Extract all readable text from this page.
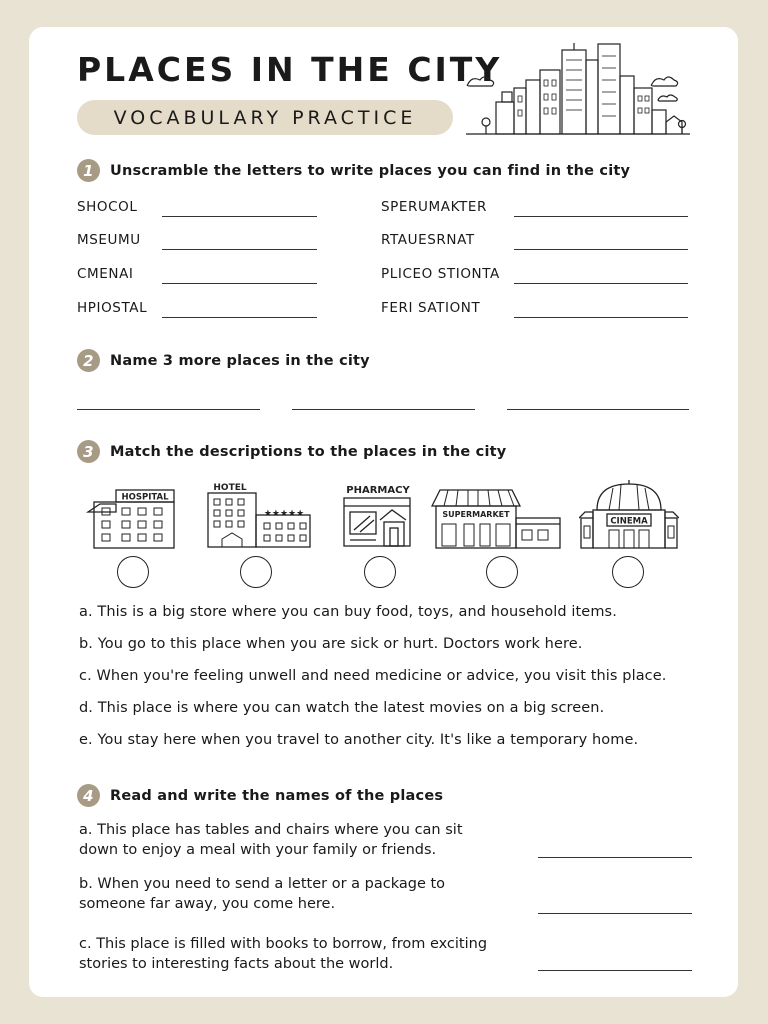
PLACES IN THE CITY
VOCABULARY PRACTICE
1	Unscramble the letters to write places you can find in the city
SHOCOL
MSEUMU
CMENAI
HPIOSTAL
SPERUMAKTER
RTAUESRNAT
PLICEO STIONTA
FERI SATIONT
2	Name 3 more places in the city
3	Match the descriptions to the places in the city
HOSPITAL
HOTEL
★★★★★
PHARMACY
SUPERMARKET
CINEMA
a. This is a big store where you can buy food, toys, and household items.
b. You go to this place when you are sick or hurt. Doctors work here.
c. When you're feeling unwell and need medicine or advice, you visit this place.
d. This place is where you can watch the latest movies on a big screen.
e. You stay here when you travel to another city. It's like a temporary home.
4	Read and write the names of the places
a. This place has tables and chairs where you can sit down to enjoy a meal with your family or friends.
b. When you need to send a letter or a package to someone far away, you come here.
c. This place is filled with books to borrow, from exciting stories to interesting facts about the world.
